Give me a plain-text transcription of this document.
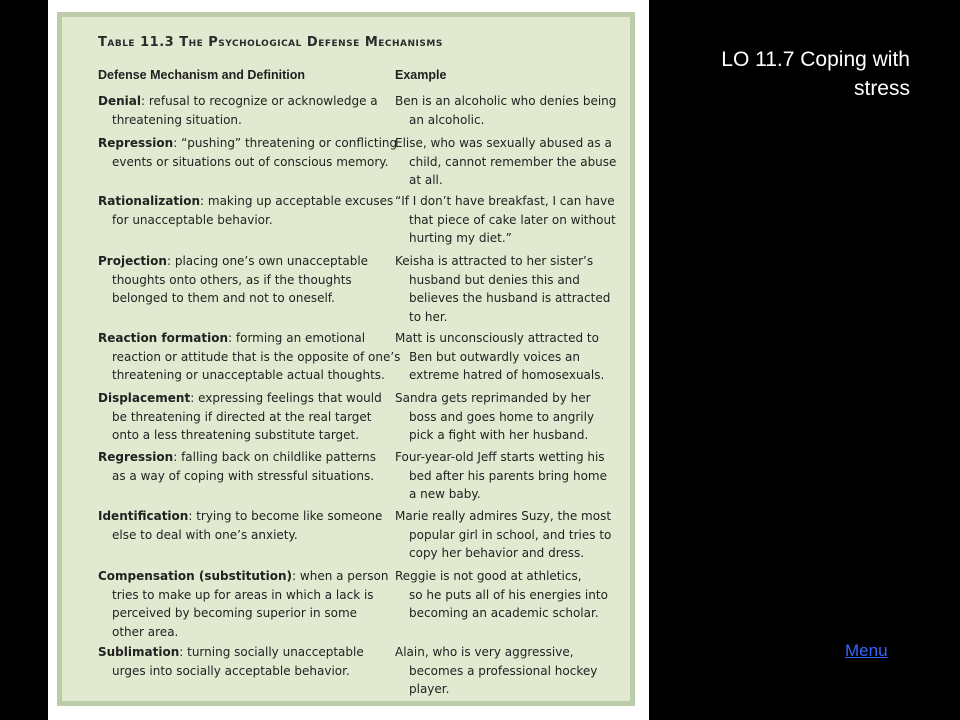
Table 11.3 The Psychological Defense Mechanisms
Defense Mechanism and Definition	Example
Denial: refusal to recognize or acknowledge a
threatening situation.
Ben is an alcoholic who denies being
an alcoholic.
Repression: “pushing” threatening or conflicting
events or situations out of conscious memory.
Elise, who was sexually abused as a
child, cannot remember the abuse
at all.
Rationalization: making up acceptable excuses
for unacceptable behavior.
“If I don’t have breakfast, I can have
that piece of cake later on without
hurting my diet.”
Projection: placing one’s own unacceptable
thoughts onto others, as if the thoughts
belonged to them and not to oneself.
Keisha is attracted to her sister’s
husband but denies this and
believes the husband is attracted
to her.
Reaction formation: forming an emotional
reaction or attitude that is the opposite of one’s
threatening or unacceptable actual thoughts.
Matt is unconsciously attracted to
Ben but outwardly voices an
extreme hatred of homosexuals.
Displacement: expressing feelings that would
be threatening if directed at the real target
onto a less threatening substitute target.
Sandra gets reprimanded by her
boss and goes home to angrily
pick a fight with her husband.
Regression: falling back on childlike patterns
as a way of coping with stressful situations.
Four-year-old Jeff starts wetting his
bed after his parents bring home
a new baby.
Identification: trying to become like someone
else to deal with one’s anxiety.
Marie really admires Suzy, the most
popular girl in school, and tries to
copy her behavior and dress.
Compensation (substitution): when a person
tries to make up for areas in which a lack is
perceived by becoming superior in some
other area.
Reggie is not good at athletics,
so he puts all of his energies into
becoming an academic scholar.
Sublimation: turning socially unacceptable
urges into socially acceptable behavior.
Alain, who is very aggressive,
becomes a professional hockey
player.
LO 11.7 Coping with
stress
Menu
